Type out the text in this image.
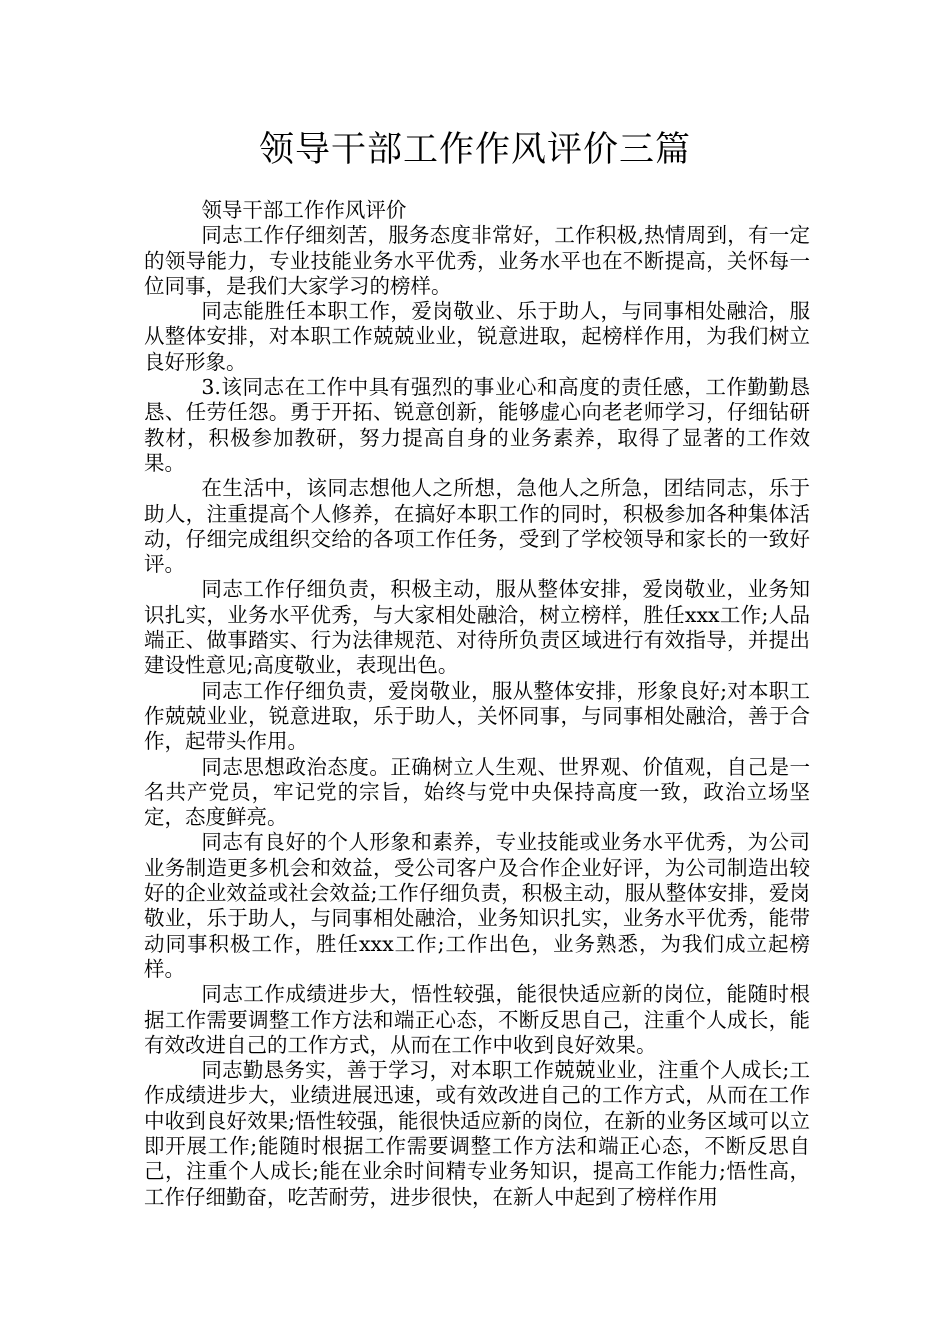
领导干部工作作风评价三篇

领导干部工作作风评价

同志工作仔细刻苦，服务态度非常好，工作积极,热情周到，有一定的领导能力，专业技能业务水平优秀，业务水平也在不断提高，关怀每一位同事，是我们大家学习的榜样。

同志能胜任本职工作，爱岗敬业、乐于助人，与同事相处融洽，服从整体安排，对本职工作兢兢业业，锐意进取，起榜样作用，为我们树立良好形象。

3.该同志在工作中具有强烈的事业心和高度的责任感，工作勤勤恳恳、任劳任怨。勇于开拓、锐意创新，能够虚心向老老师学习，仔细钻研教材，积极参加教研，努力提高自身的业务素养，取得了显著的工作效果。

在生活中，该同志想他人之所想，急他人之所急，团结同志，乐于助人，注重提高个人修养，在搞好本职工作的同时，积极参加各种集体活动，仔细完成组织交给的各项工作任务，受到了学校领导和家长的一致好评。

同志工作仔细负责，积极主动，服从整体安排，爱岗敬业，业务知识扎实，业务水平优秀，与大家相处融洽，树立榜样，胜任xxx工作;人品端正、做事踏实、行为法律规范、对待所负责区域进行有效指导，并提出建设性意见;高度敬业，表现出色。

同志工作仔细负责，爱岗敬业，服从整体安排，形象良好;对本职工作兢兢业业，锐意进取，乐于助人，关怀同事，与同事相处融洽，善于合作，起带头作用。

同志思想政治态度。正确树立人生观、世界观、价值观，自己是一名共产党员，牢记党的宗旨，始终与党中央保持高度一致，政治立场坚定，态度鲜亮。

同志有良好的个人形象和素养，专业技能或业务水平优秀，为公司业务制造更多机会和效益，受公司客户及合作企业好评，为公司制造出较好的企业效益或社会效益;工作仔细负责，积极主动，服从整体安排，爱岗敬业，乐于助人，与同事相处融洽，业务知识扎实，业务水平优秀，能带动同事积极工作，胜任xxx工作;工作出色，业务熟悉，为我们成立起榜样。

同志工作成绩进步大，悟性较强，能很快适应新的岗位，能随时根据工作需要调整工作方法和端正心态，不断反思自己，注重个人成长，能有效改进自己的工作方式，从而在工作中收到良好效果。

同志勤恳务实，善于学习，对本职工作兢兢业业，注重个人成长;工作成绩进步大，业绩进展迅速，或有效改进自己的工作方式，从而在工作中收到良好效果;悟性较强，能很快适应新的岗位，在新的业务区域可以立即开展工作;能随时根据工作需要调整工作方法和端正心态，不断反思自己，注重个人成长;能在业余时间精专业务知识，提高工作能力;悟性高，工作仔细勤奋，吃苦耐劳，进步很快，在新人中起到了榜样作用
